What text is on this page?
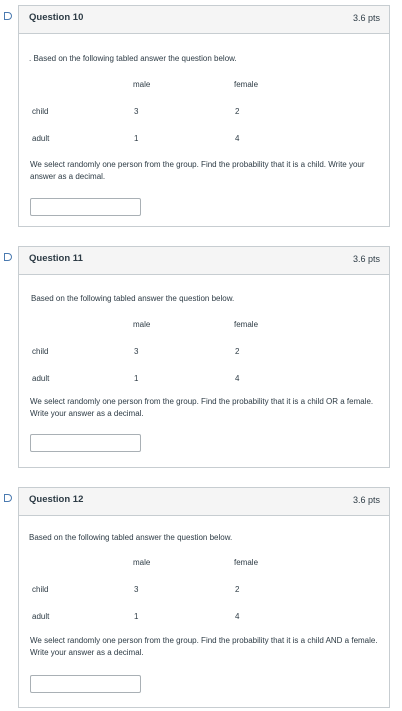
Question 10	3.6 pts
. Based on the following tabled answer the question below.
male	female
child	3	2
adult	1	4
We select randomly one person from the group. Find the probability that it is a child. Write your answer as a decimal.
Question 11	3.6 pts
Based on the following tabled answer the question below.
male	female
child	3	2
adult	1	4
We select randomly one person from the group. Find the probability that it is a child OR a female. Write your answer as a decimal.
Question 12	3.6 pts
Based on the following tabled answer the question below.
male	female
child	3	2
adult	1	4
We select randomly one person from the group. Find the probability that it is a child AND a female. Write your answer as a decimal.
